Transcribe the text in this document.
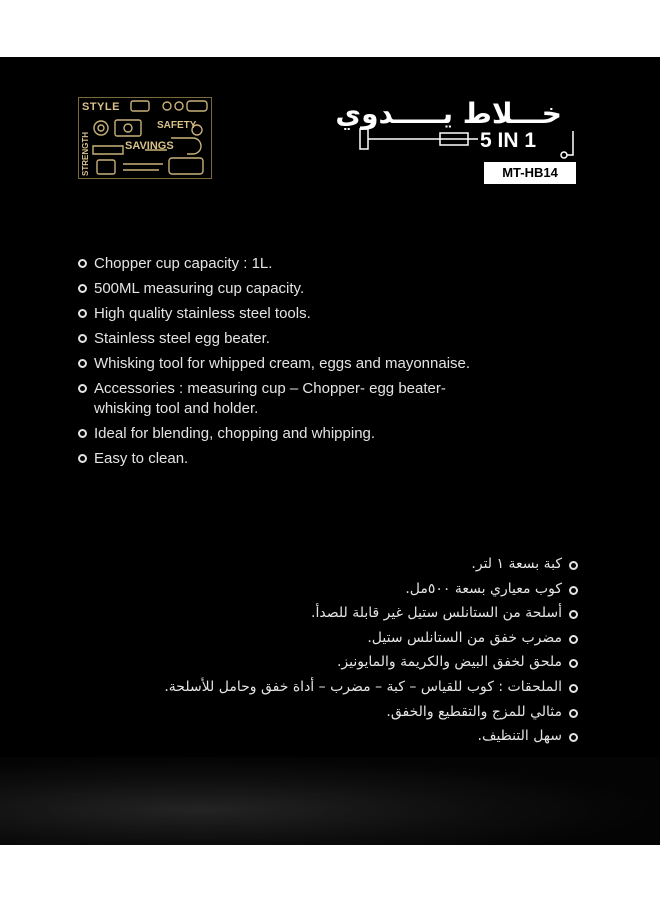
STYLE
SAFETY
SAVINGS
STRENGTH
خـــلاط يـــــدوي
5 IN 1
MT-HB14
Chopper cup capacity : 1L.
500ML measuring cup capacity.
High quality stainless steel tools.
Stainless steel egg beater.
Whisking tool for whipped cream, eggs and mayonnaise.
Accessories : measuring cup – Chopper- egg beater- whisking tool and holder.
Ideal for blending, chopping and whipping.
Easy to clean.
كبة بسعة ١ لتر.
كوب معياري بسعة ٥٠٠مل.
أسلحة من الستانلس ستيل غير قابلة للصدأ.
مضرب خفق من الستانلس ستيل.
ملحق لخفق البيض والكريمة والمايونيز.
الملحقات : كوب للقياس – كبة – مضرب – أداة خفق وحامل للأسلحة.
مثالي للمزج والتقطيع والخفق.
سهل التنظيف.
